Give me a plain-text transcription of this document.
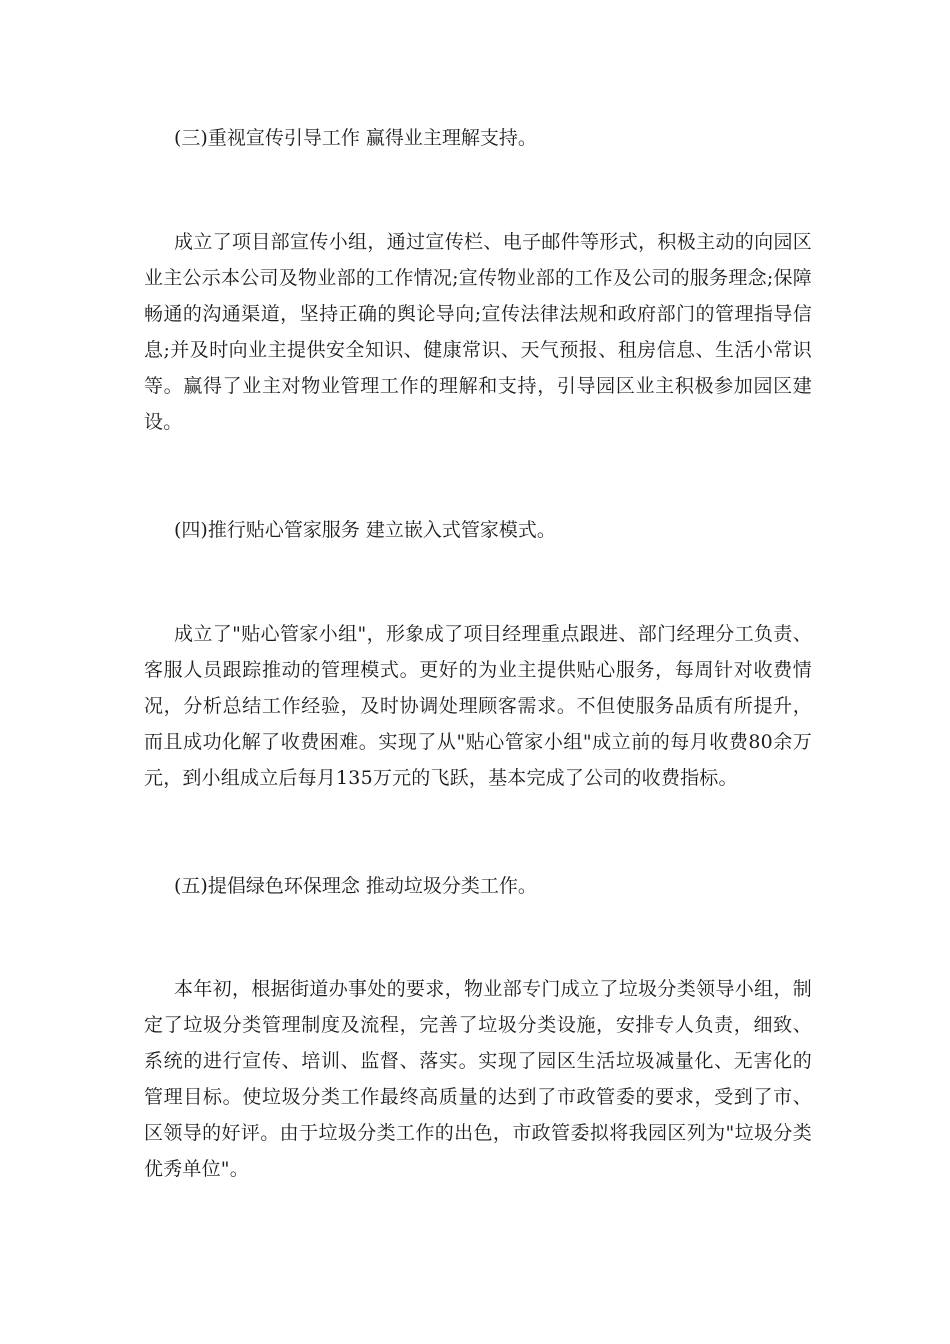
(三)重视宣传引导工作 赢得业主理解支持。

成立了项目部宣传小组，通过宣传栏、电子邮件等形式，积极主动的向园区业主公示本公司及物业部的工作情况;宣传物业部的工作及公司的服务理念;保障畅通的沟通渠道，坚持正确的舆论导向;宣传法律法规和政府部门的管理指导信息;并及时向业主提供安全知识、健康常识、天气预报、租房信息、生活小常识等。赢得了业主对物业管理工作的理解和支持，引导园区业主积极参加园区建设。

(四)推行贴心管家服务 建立嵌入式管家模式。

成立了"贴心管家小组"，形象成了项目经理重点跟进、部门经理分工负责、客服人员跟踪推动的管理模式。更好的为业主提供贴心服务，每周针对收费情况，分析总结工作经验，及时协调处理顾客需求。不但使服务品质有所提升，而且成功化解了收费困难。实现了从"贴心管家小组"成立前的每月收费80余万元，到小组成立后每月135万元的飞跃，基本完成了公司的收费指标。

(五)提倡绿色环保理念 推动垃圾分类工作。

本年初，根据街道办事处的要求，物业部专门成立了垃圾分类领导小组，制定了垃圾分类管理制度及流程，完善了垃圾分类设施，安排专人负责，细致、系统的进行宣传、培训、监督、落实。实现了园区生活垃圾减量化、无害化的管理目标。使垃圾分类工作最终高质量的达到了市政管委的要求，受到了市、区领导的好评。由于垃圾分类工作的出色，市政管委拟将我园区列为"垃圾分类优秀单位"。
